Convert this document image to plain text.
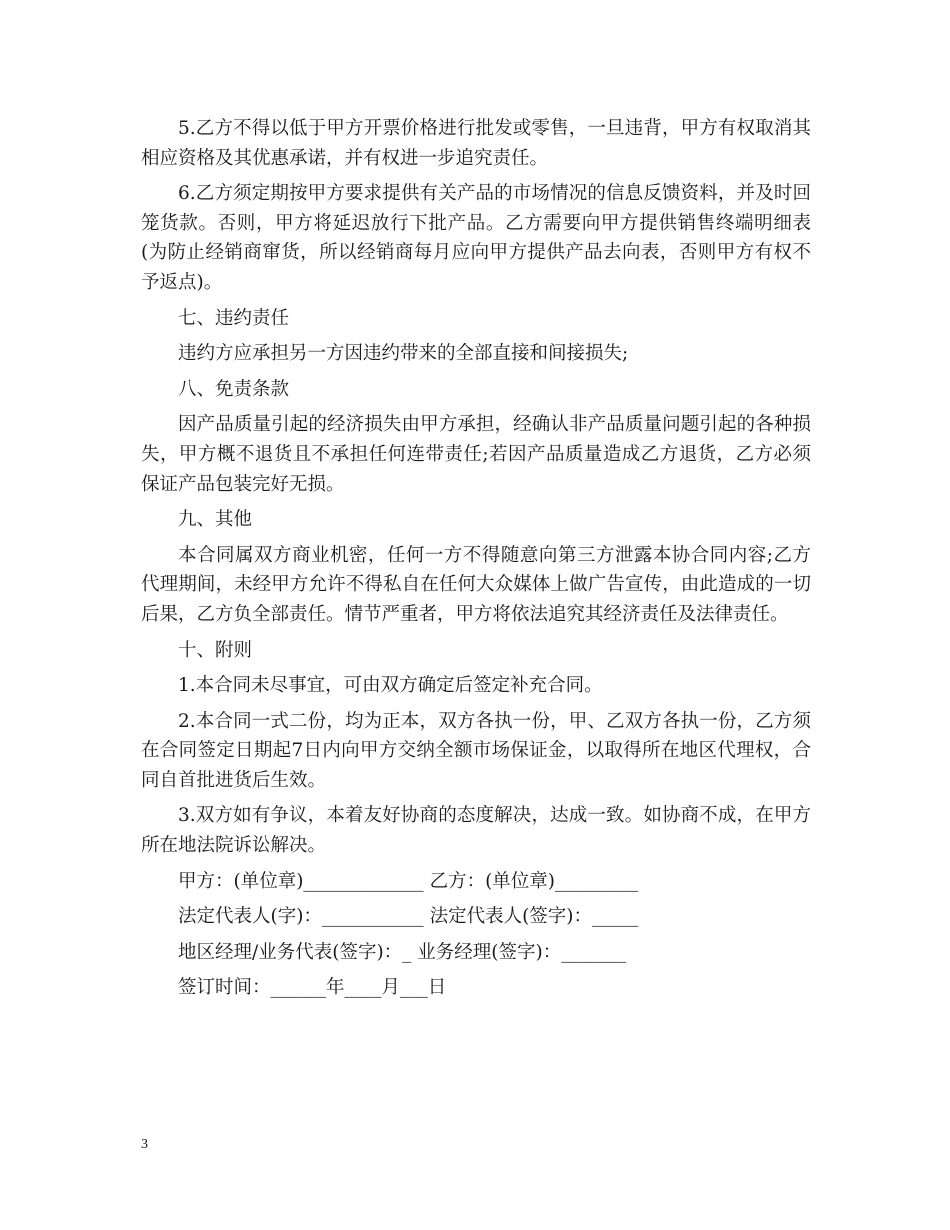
5.乙方不得以低于甲方开票价格进行批发或零售，一旦违背，甲方有权取消其相应资格及其优惠承诺，并有权进一步追究责任。

6.乙方须定期按甲方要求提供有关产品的市场情况的信息反馈资料，并及时回笼货款。否则，甲方将延迟放行下批产品。乙方需要向甲方提供销售终端明细表(为防止经销商窜货，所以经销商每月应向甲方提供产品去向表，否则甲方有权不予返点)。

七、违约责任

违约方应承担另一方因违约带来的全部直接和间接损失;

八、免责条款

因产品质量引起的经济损失由甲方承担，经确认非产品质量问题引起的各种损失，甲方概不退货且不承担任何连带责任;若因产品质量造成乙方退货，乙方必须保证产品包装完好无损。

九、其他

本合同属双方商业机密，任何一方不得随意向第三方泄露本协合同内容;乙方代理期间，未经甲方允许不得私自在任何大众媒体上做广告宣传，由此造成的一切后果，乙方负全部责任。情节严重者，甲方将依法追究其经济责任及法律责任。

十、附则

1.本合同未尽事宜，可由双方确定后签定补充合同。

2.本合同一式二份，均为正本，双方各执一份，甲、乙双方各执一份，乙方须在合同签定日期起7日内向甲方交纳全额市场保证金，以取得所在地区代理权，合同自首批进货后生效。

3.双方如有争议，本着友好协商的态度解决，达成一致。如协商不成，在甲方所在地法院诉讼解决。

甲方：(单位章)_____________ 乙方：(单位章)_________
法定代表人(字)：___________ 法定代表人(签字)：_____
地区经理/业务代表(签字)：_ 业务经理(签字)：_______
签订时间：______年____月___日
3
